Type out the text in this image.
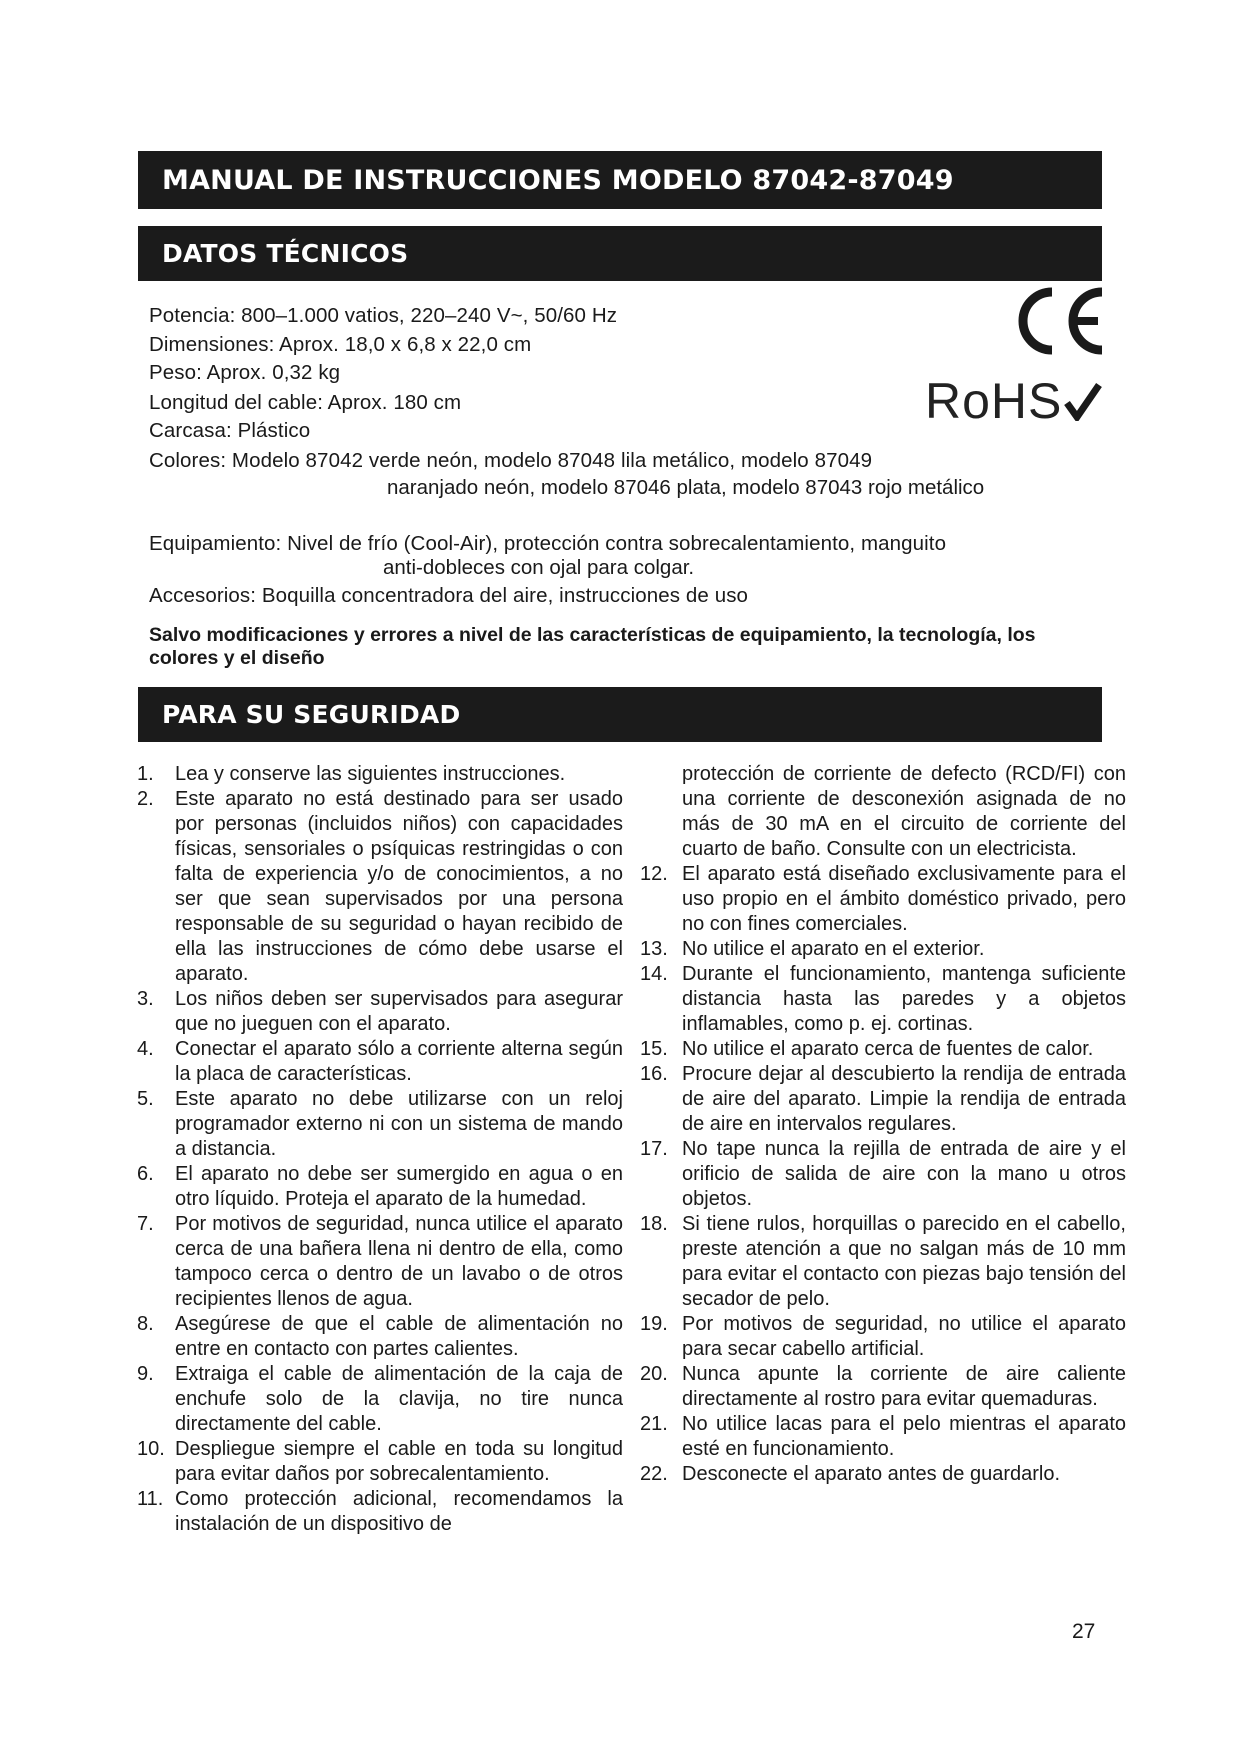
MANUAL DE INSTRUCCIONES MODELO 87042-87049
DATOS TÉCNICOS
Potencia: 800–1.000 vatios, 220–240 V~, 50/60 Hz
Dimensiones: Aprox. 18,0 x 6,8 x 22,0 cm
Peso: Aprox. 0,32 kg
Longitud del cable: Aprox. 180 cm
Carcasa: Plástico
Colores: Modelo 87042 verde neón, modelo 87048 lila metálico, modelo 87049
naranjado neón, modelo 87046 plata, modelo 87043 rojo metálico
Equipamiento: Nivel de frío (Cool-Air), protección contra sobrecalentamiento, manguito
anti-dobleces con ojal para colgar.
Accesorios: Boquilla concentradora del aire, instrucciones de uso
Salvo modificaciones y errores a nivel de las características de equipamiento, la tecnología, los colores y el diseño
RoHS
PARA SU SEGURIDAD
1.	Lea y conserve las siguientes instrucciones.
2.	Este aparato no está destinado para ser usado por personas (incluidos niños) con capacidades físicas, sensoriales o psíquicas restringidas o con falta de experiencia y/o de conocimientos, a no ser que sean supervisados por una persona responsable de su seguridad o hayan recibido de ella las instrucciones de cómo debe usarse el aparato.
3.	Los niños deben ser supervisados para asegurar que no jueguen con el aparato.
4.	Conectar el aparato sólo a corriente alterna según la placa de características.
5.	Este aparato no debe utilizarse con un reloj programador externo ni con un sistema de mando a distancia.
6.	El aparato no debe ser sumergido en agua o en otro líquido. Proteja el aparato de la humedad.
7.	Por motivos de seguridad, nunca utilice el aparato cerca de una bañera llena ni dentro de ella, como tampoco cerca o dentro de un lavabo o de otros recipientes llenos de agua.
8.	Asegúrese de que el cable de alimentación no entre en contacto con partes calientes.
9.	Extraiga el cable de alimentación de la caja de enchufe solo de la clavija, no tire nunca directamente del cable.
10. Despliegue siempre el cable en toda su longitud para evitar daños por sobrecalentamiento.
11. Como protección adicional, recomendamos la instalación de un dispositivo de
protección de corriente de defecto (RCD/FI) con una corriente de desconexión asignada de no más de 30 mA en el circuito de corriente del cuarto de baño. Consulte con un electricista.
12. El aparato está diseñado exclusivamente para el uso propio en el ámbito doméstico privado, pero no con fines comerciales.
13. No utilice el aparato en el exterior.
14. Durante el funcionamiento, mantenga suficiente distancia hasta las paredes y a objetos inflamables, como p. ej. cortinas.
15. No utilice el aparato cerca de fuentes de calor.
16. Procure dejar al descubierto la rendija de entrada de aire del aparato. Limpie la rendija de entrada de aire en intervalos regulares.
17. No tape nunca la rejilla de entrada de aire y el orificio de salida de aire con la mano u otros objetos.
18. Si tiene rulos, horquillas o parecido en el cabello, preste atención a que no salgan más de 10 mm para evitar el contacto con piezas bajo tensión del secador de pelo.
19. Por motivos de seguridad, no utilice el aparato para secar cabello artificial.
20. Nunca apunte la corriente de aire caliente directamente al rostro para evitar quemaduras.
21. No utilice lacas para el pelo mientras el aparato esté en funcionamiento.
22. Desconecte el aparato antes de guardarlo.
27
